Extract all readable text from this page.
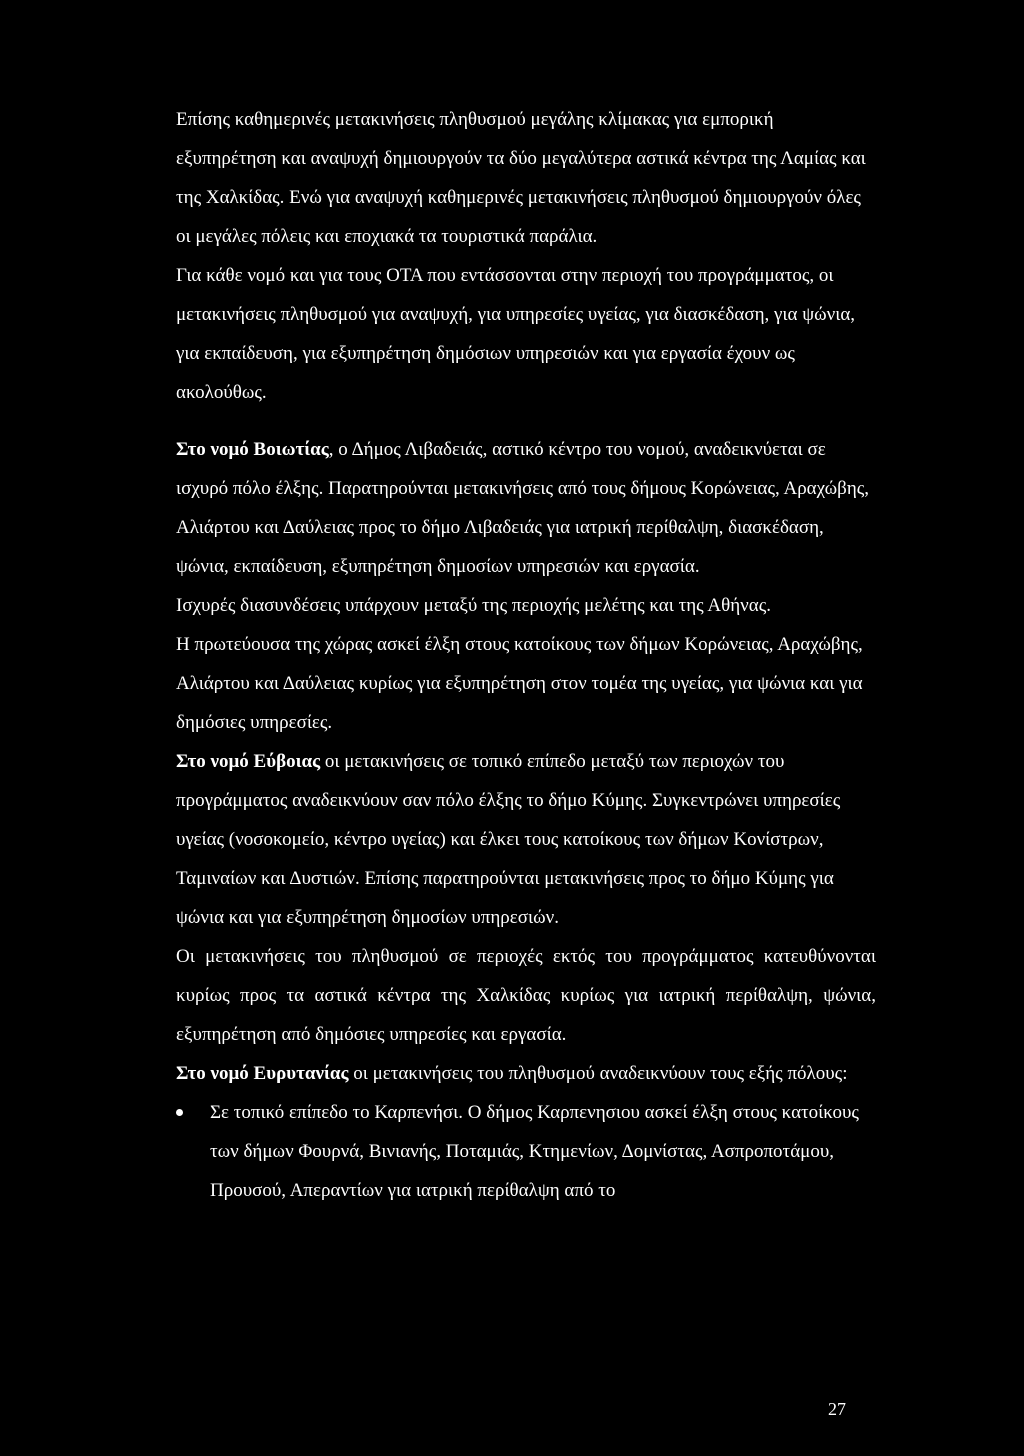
Επίσης καθημερινές μετακινήσεις πληθυσμού μεγάλης κλίμακας για εμπορική εξυπηρέτηση και αναψυχή δημιουργούν τα δύο μεγαλύτερα αστικά κέντρα της Λαμίας και της Χαλκίδας. Ενώ για αναψυχή καθημερινές μετακινήσεις πληθυσμού δημιουργούν όλες οι μεγάλες πόλεις και εποχιακά τα τουριστικά παράλια.

Για κάθε νομό και για τους ΟΤΑ που εντάσσονται στην περιοχή του προγράμματος, οι μετακινήσεις πληθυσμού για αναψυχή, για υπηρεσίες υγείας, για διασκέδαση, για ψώνια, για εκπαίδευση, για εξυπηρέτηση δημόσιων υπηρεσιών και για εργασία έχουν ως ακολούθως.

Στο νομό Βοιωτίας, ο Δήμος Λιβαδειάς, αστικό κέντρο του νομού, αναδεικνύεται σε ισχυρό πόλο έλξης. Παρατηρούνται μετακινήσεις από τους δήμους Κορώνειας, Αραχώβης, Αλιάρτου και Δαύλειας προς το δήμο Λιβαδειάς για ιατρική περίθαλψη, διασκέδαση, ψώνια, εκπαίδευση, εξυπηρέτηση δημοσίων υπηρεσιών και εργασία.

Ισχυρές διασυνδέσεις υπάρχουν μεταξύ της περιοχής μελέτης και της Αθήνας.

Η πρωτεύουσα της χώρας ασκεί έλξη στους κατοίκους των δήμων Κορώνειας, Αραχώβης, Αλιάρτου και Δαύλειας κυρίως για εξυπηρέτηση στον τομέα της υγείας, για ψώνια και για δημόσιες υπηρεσίες.

Στο νομό Εύβοιας οι μετακινήσεις σε τοπικό επίπεδο μεταξύ των περιοχών του προγράμματος αναδεικνύουν σαν πόλο έλξης το δήμο Κύμης. Συγκεντρώνει υπηρεσίες υγείας (νοσοκομείο, κέντρο υγείας) και έλκει τους κατοίκους των δήμων Κονίστρων, Ταμιναίων και Δυστιών. Επίσης παρατηρούνται μετακινήσεις προς το δήμο Κύμης για ψώνια και για εξυπηρέτηση δημοσίων υπηρεσιών.

Οι μετακινήσεις του πληθυσμού σε περιοχές εκτός του προγράμματος κατευθύνονται κυρίως προς τα αστικά κέντρα της Χαλκίδας κυρίως για ιατρική περίθαλψη, ψώνια, εξυπηρέτηση από δημόσιες υπηρεσίες και εργασία.

Στο νομό Ευρυτανίας οι μετακινήσεις του πληθυσμού αναδεικνύουν τους εξής πόλους:

Σε τοπικό επίπεδο το Καρπενήσι. Ο δήμος Καρπενησιου ασκεί έλξη στους κατοίκους των δήμων Φουρνά, Βινιανής, Ποταμιάς, Κτημενίων, Δομνίστας, Ασπροποτάμου, Προυσού, Απεραντίων για ιατρική περίθαλψη από το
27
